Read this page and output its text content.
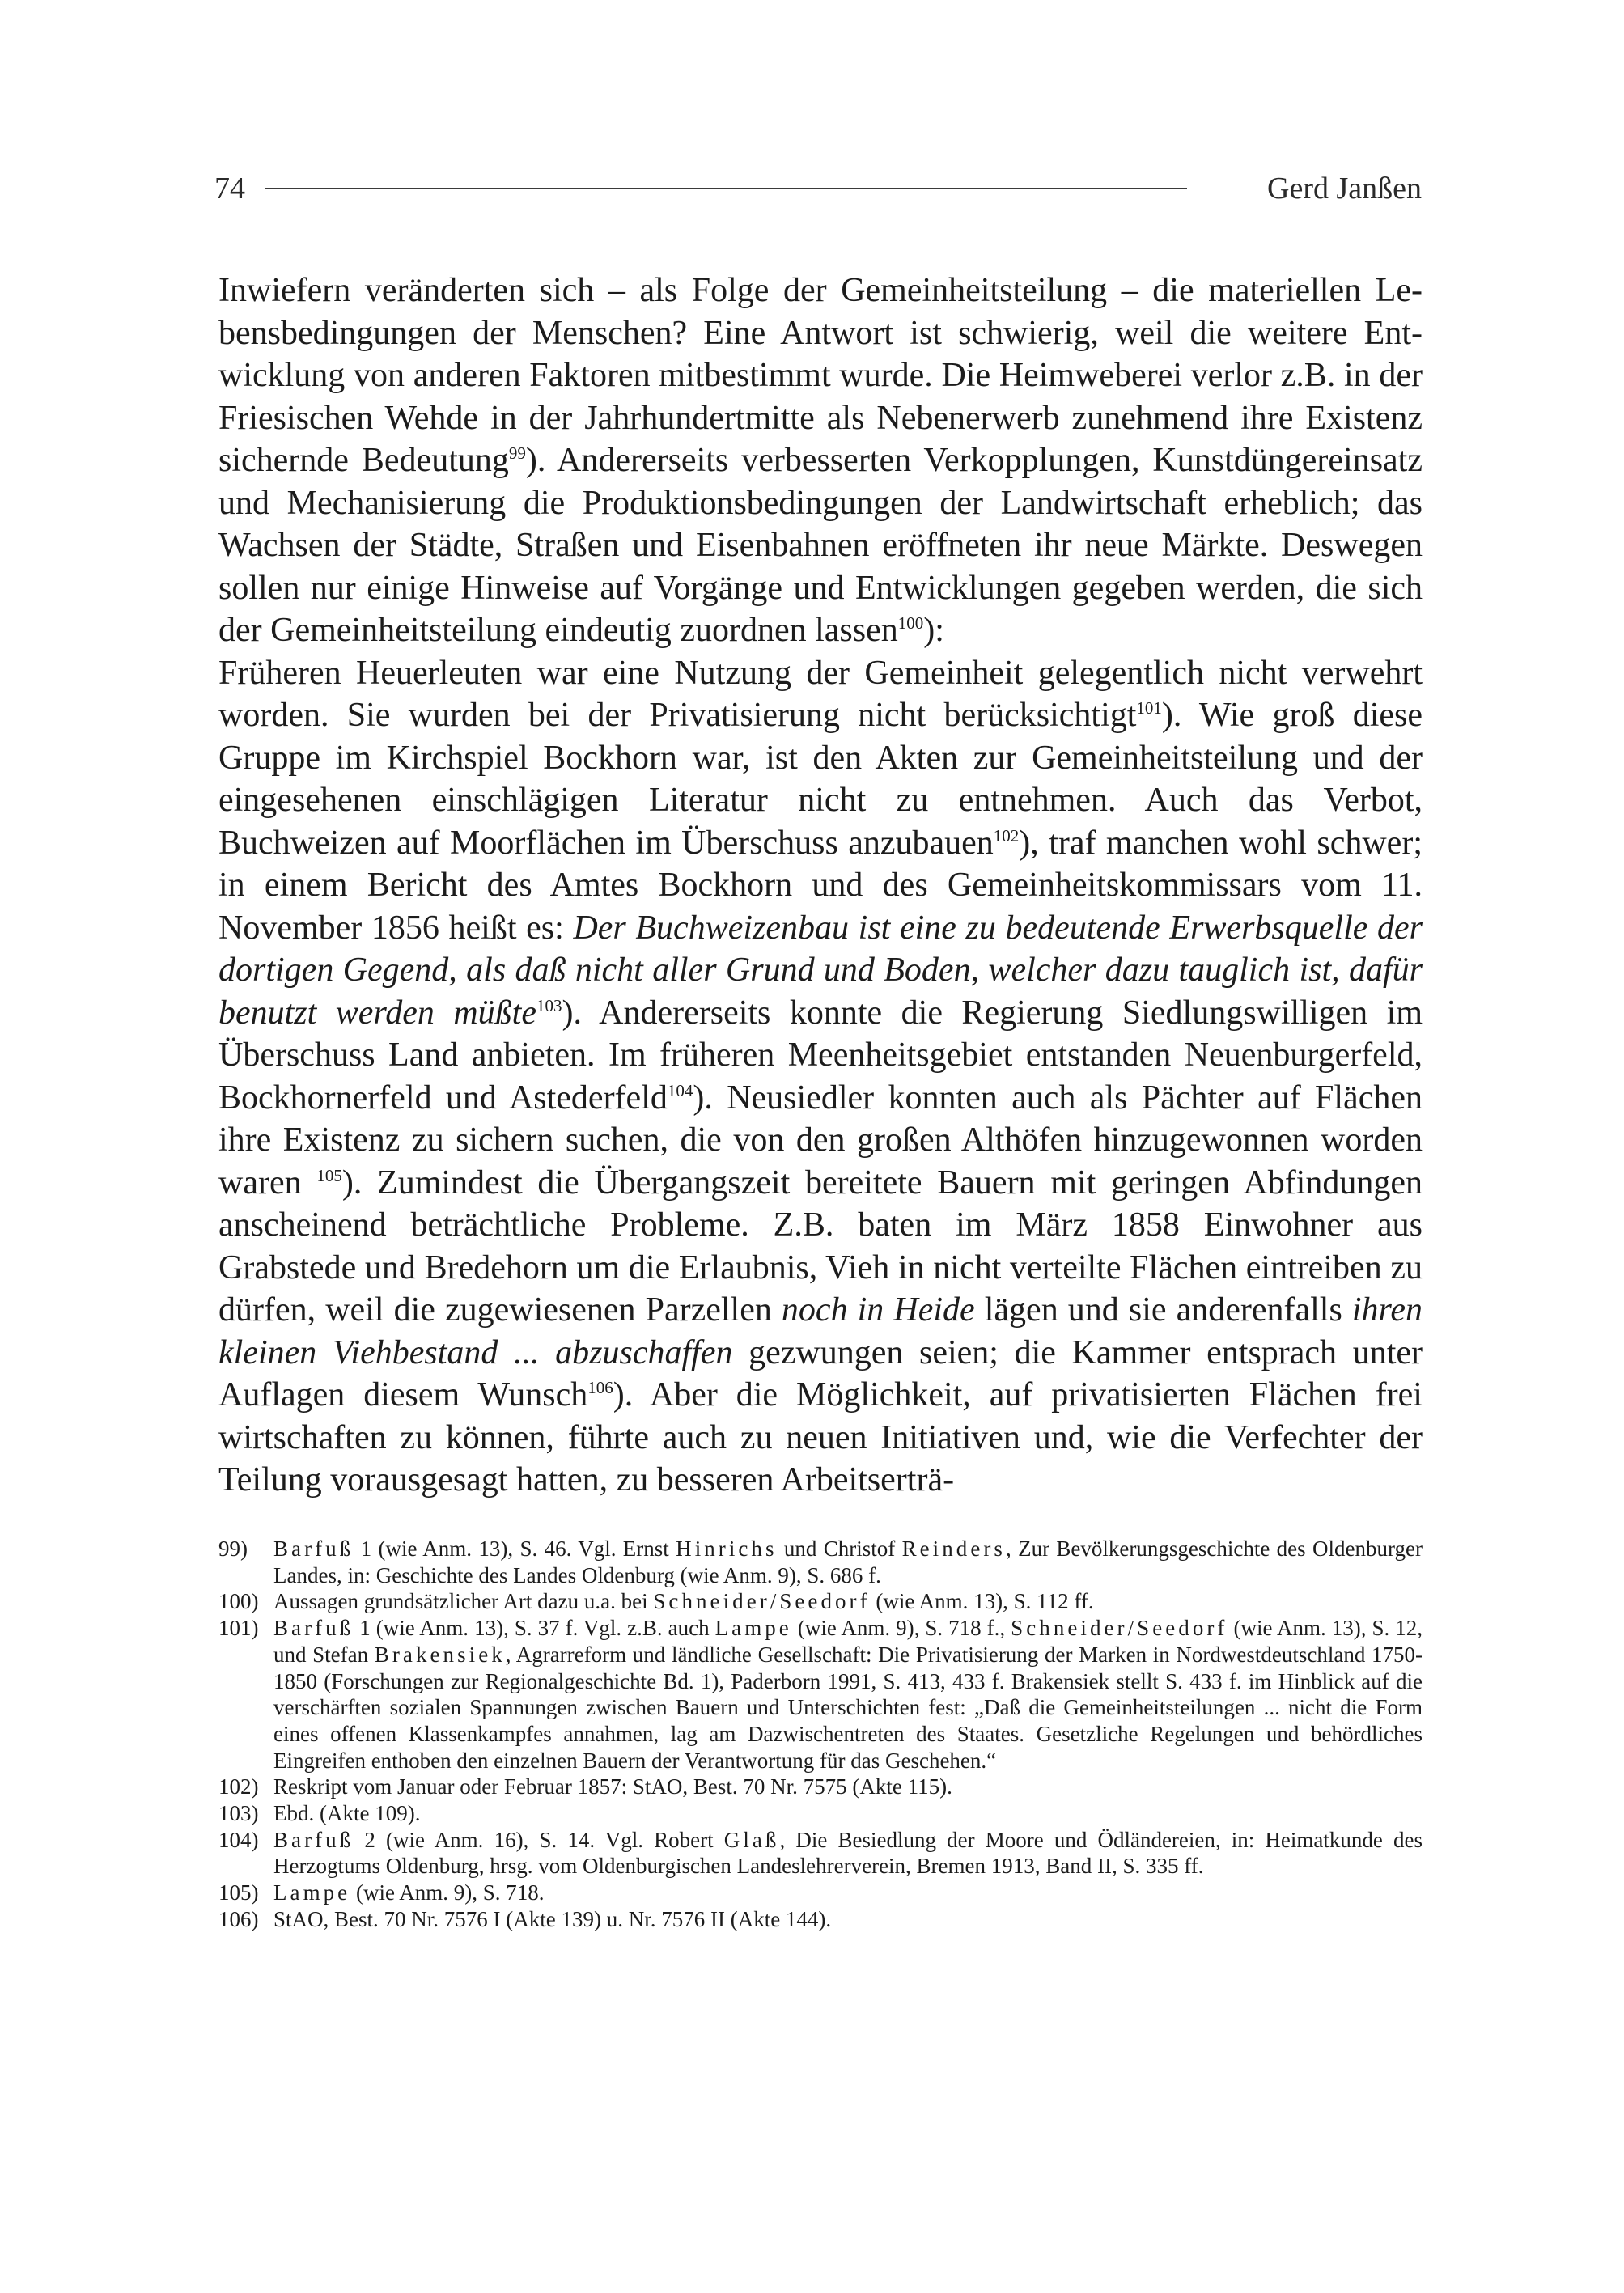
74	Gerd Janßen

Inwiefern veränderten sich – als Folge der Gemeinheitsteilung – die materiellen Lebensbedingungen der Menschen? Eine Antwort ist schwierig, weil die weitere Entwicklung von anderen Faktoren mitbestimmt wurde. Die Heimweberei verlor z.B. in der Friesischen Wehde in der Jahrhundertmitte als Nebenerwerb zunehmend ihre Existenz sichernde Bedeutung$^{99}$). Andererseits verbesserten Verkopplungen, Kunstdüngereinsatz und Mechanisierung die Produktionsbedingungen der Landwirtschaft erheblich; das Wachsen der Städte, Straßen und Eisenbahnen eröffneten ihr neue Märkte. Deswegen sollen nur einige Hinweise auf Vorgänge und Entwicklungen gegeben werden, die sich der Gemeinheitsteilung eindeutig zuordnen lassen$^{100}$):

Früheren Heuerleuten war eine Nutzung der Gemeinheit gelegentlich nicht verwehrt worden. Sie wurden bei der Privatisierung nicht berücksichtigt$^{101}$). Wie groß diese Gruppe im Kirchspiel Bockhorn war, ist den Akten zur Gemeinheitsteilung und der eingesehenen einschlägigen Literatur nicht zu entnehmen. Auch das Verbot, Buchweizen auf Moorflächen im Überschuss anzubauen$^{102}$), traf manchen wohl schwer; in einem Bericht des Amtes Bockhorn und des Gemeinheitskommissars vom 11. November 1856 heißt es: Der Buchweizenbau ist eine zu bedeutende Erwerbsquelle der dortigen Gegend, als daß nicht aller Grund und Boden, welcher dazu tauglich ist, dafür benutzt werden müßte$^{103}$). Andererseits konnte die Regierung Siedlungswilligen im Überschuss Land anbieten. Im früheren Meenheitsgebiet entstanden Neuenburgerfeld, Bockhornerfeld und Astederfeld$^{104}$). Neusiedler konnten auch als Pächter auf Flächen ihre Existenz zu sichern suchen, die von den großen Althöfen hinzugewonnen worden waren $^{105}$). Zumindest die Übergangszeit bereitete Bauern mit geringen Abfindungen anscheinend beträchtliche Probleme. Z.B. baten im März 1858 Einwohner aus Grabstede und Bredehorn um die Erlaubnis, Vieh in nicht verteilte Flächen eintreiben zu dürfen, weil die zugewiesenen Parzellen noch in Heide lägen und sie anderenfalls ihren kleinen Viehbestand ... abzuschaffen gezwungen seien; die Kammer entsprach unter Auflagen diesem Wunsch$^{106}$). Aber die Möglichkeit, auf privatisierten Flächen frei wirtschaften zu können, führte auch zu neuen Initiativen und, wie die Verfechter der Teilung vorausgesagt hatten, zu besseren Arbeitserträ-

99)	Barfuß 1 (wie Anm. 13), S. 46. Vgl. Ernst Hinrichs und Christof Reinders, Zur Bevölkerungsgeschichte des Oldenburger Landes, in: Geschichte des Landes Oldenburg (wie Anm. 9), S. 686 f.
100) Aussagen grundsätzlicher Art dazu u.a. bei Schneider/Seedorf (wie Anm. 13), S. 112 ff.
101) Barfuß 1 (wie Anm. 13), S. 37 f. Vgl. z.B. auch Lampe (wie Anm. 9), S. 718 f., Schneider/Seedorf (wie Anm. 13), S. 12, und Stefan Brakensiek, Agrarreform und ländliche Gesellschaft: Die Privatisierung der Marken in Nordwestdeutschland 1750-1850 (Forschungen zur Regionalgeschichte Bd. 1), Paderborn 1991, S. 413, 433 f. Brakensiek stellt S. 433 f. im Hinblick auf die verschärften sozialen Spannungen zwischen Bauern und Unterschichten fest: „Daß die Gemeinheitsteilungen ... nicht die Form eines offenen Klassenkampfes annahmen, lag am Dazwischentreten des Staates. Gesetzliche Regelungen und behördliches Eingreifen enthoben den einzelnen Bauern der Verantwortung für das Geschehen.“
102) Reskript vom Januar oder Februar 1857: StAO, Best. 70 Nr. 7575 (Akte 115).
103) Ebd. (Akte 109).
104) Barfuß 2 (wie Anm. 16), S. 14. Vgl. Robert Glaß, Die Besiedlung der Moore und Ödländereien, in: Heimatkunde des Herzogtums Oldenburg, hrsg. vom Oldenburgischen Landeslehrerverein, Bremen 1913, Band II, S. 335 ff.
105) Lampe (wie Anm. 9), S. 718.
106) StAO, Best. 70 Nr. 7576 I (Akte 139) u. Nr. 7576 II (Akte 144).
